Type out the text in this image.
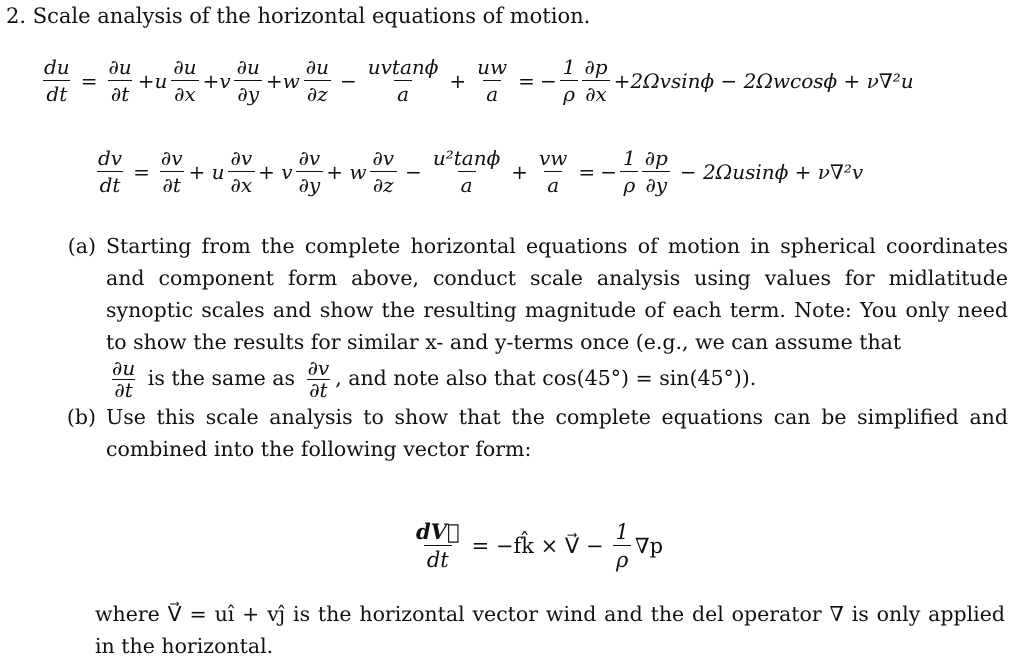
2. Scale analysis of the horizontal equations of motion.
$\frac{du}{dt} = \frac{\partial u}{\partial t} +u \frac{\partial u}{\partial x} +v \frac{\partial u}{\partial y} +w \frac{\partial u}{\partial z} - \frac{uvtan\phi}{a} + \frac{uw}{a}$ = − $\frac{1}{\rho} \frac{\partial p}{\partial x} +2\Omega vsin\phi - 2\Omega wcos\phi + \nu\nabla^2u$
$\frac{dv}{dt} = \frac{\partial v}{\partial t} + u \frac{\partial v}{\partial x} + v \frac{\partial v}{\partial y} + w \frac{\partial v}{\partial z} - \frac{\text{u²tanϕ}}{a} + \frac{vw}{a}$ = − $\frac{1}{\rho} \frac{\partial p}{\partial y} - 2\Omega usin\phi + \nu\nabla^2v$
(a) Starting from the complete horizontal equations of motion in spherical coordinates and component form above, conduct scale analysis using values for midlatitude synoptic scales and show the resulting magnitude of each term. Note: You only need to show the results for similar x- and y-terms once (e.g., we can assume that

$\frac{\partial u}{\partial t}$ is the same as $\frac{\partial v}{\partial t}$ , and note also that cos(45°) = sin(45°)).
(b) Use this scale analysis to show that the complete equations can be simplified and combined into the following vector form:
$\frac{dV⃗}{dt}$ = −fk̂ × V⃗ − $\frac{1}{\rho} \nabla p$
where V⃗ = uî + vĵ is the horizontal vector wind and the del operator ∇ is only applied in the horizontal.
